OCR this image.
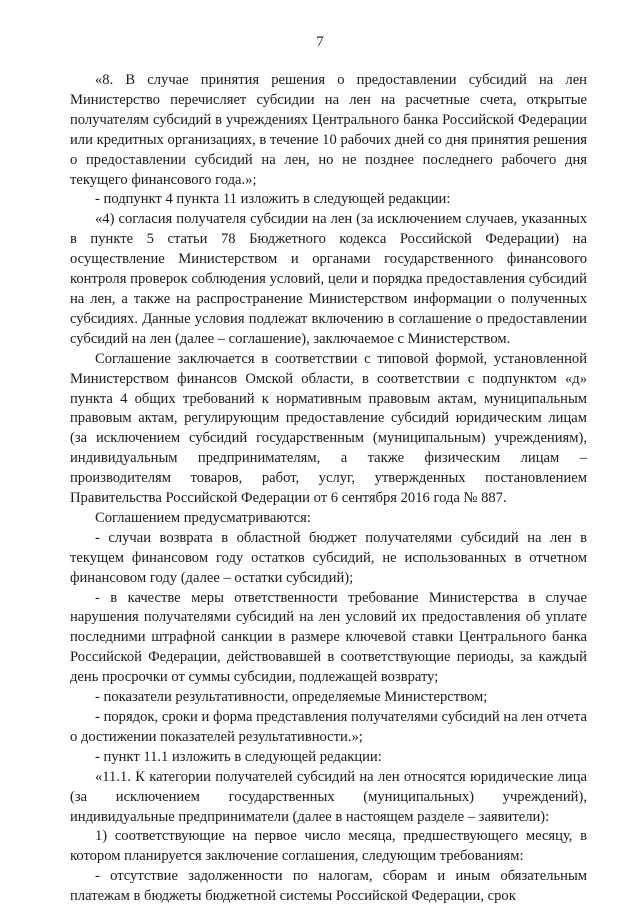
7

«8. В случае принятия решения о предоставлении субсидий на лен Министерство перечисляет субсидии на лен на расчетные счета, открытые получателям субсидий в учреждениях Центрального банка Российской Федерации или кредитных организациях, в течение 10 рабочих дней со дня принятия решения о предоставлении субсидий на лен, но не позднее последнего рабочего дня текущего финансового года.»;

- подпункт 4 пункта 11 изложить в следующей редакции:

«4) согласия получателя субсидии на лен (за исключением случаев, указанных в пункте 5 статьи 78 Бюджетного кодекса Российской Федерации) на осуществление Министерством и органами государственного финансового контроля проверок соблюдения условий, цели и порядка предоставления субсидий на лен, а также на распространение Министерством информации о полученных субсидиях. Данные условия подлежат включению в соглашение о предоставлении субсидий на лен (далее – соглашение), заключаемое с Министерством.

Соглашение заключается в соответствии с типовой формой, установленной Министерством финансов Омской области, в соответствии с подпунктом «д» пункта 4 общих требований к нормативным правовым актам, муниципальным правовым актам, регулирующим предоставление субсидий юридическим лицам (за исключением субсидий государственным (муниципальным) учреждениям), индивидуальным предпринимателям, а также физическим лицам – производителям товаров, работ, услуг, утвержденных постановлением Правительства Российской Федерации от 6 сентября 2016 года № 887.

Соглашением предусматриваются:

- случаи возврата в областной бюджет получателями субсидий на лен в текущем финансовом году остатков субсидий, не использованных в отчетном финансовом году (далее – остатки субсидий);

- в качестве меры ответственности требование Министерства в случае нарушения получателями субсидий на лен условий их предоставления об уплате последними штрафной санкции в размере ключевой ставки Центрального банка Российской Федерации, действовавшей в соответствующие периоды, за каждый день просрочки от суммы субсидии, подлежащей возврату;

- показатели результативности, определяемые Министерством;

- порядок, сроки и форма представления получателями субсидий на лен отчета о достижении показателей результативности.»;

- пункт 11.1 изложить в следующей редакции:

«11.1. К категории получателей субсидий на лен относятся юридические лица (за исключением государственных (муниципальных) учреждений), индивидуальные предприниматели (далее в настоящем разделе – заявители):

1) соответствующие на первое число месяца, предшествующего месяцу, в котором планируется заключение соглашения, следующим требованиям:

- отсутствие задолженности по налогам, сборам и иным обязательным платежам в бюджеты бюджетной системы Российской Федерации, срок
